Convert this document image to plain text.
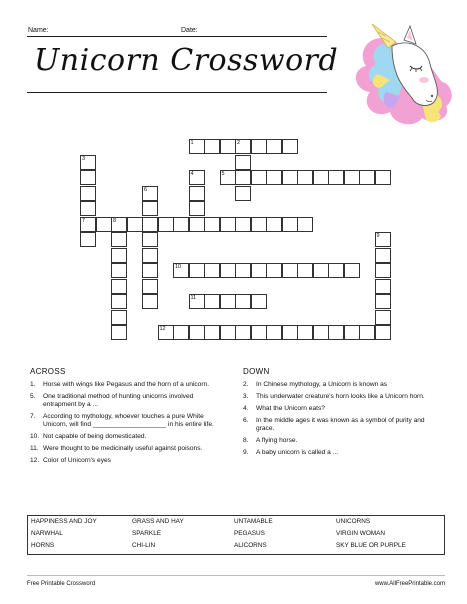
Name:	Date:
Unicorn Crossword
1	2
3
7
4	5
6
8
9
10
11
12
ACROSS
1. Horse with wings like Pegasus and the horn of a unicorn.
5. One traditional method of hunting unicorns involved entrapment by a ...
7. According to mythology, whoever touches a pure White Unicorn, will find ____________________ in his entire life.
10. Not capable of being domesticated.
11. Were thought to be medicinally useful against poisons.
12. Color of Unicorn's eyes
DOWN
2. In Chinese mythology, a Unicorn is known as
3. This underwater creature's horn looks like a Unicorn horn.
4. What the Unicorn eats?
6. In the middle ages it was known as a symbol of purity and grace.
8. A flying horse.
9. A baby unicorn is called a ...
HAPPINESS AND JOY	GRASS AND HAY	UNTAMABLE	UNICORNS
NARWHAL	SPARKLE	PEGASUS	VIRGIN WOMAN
HORNS	CHI-LIN	ALICORNS	SKY BLUE OR PURPLE
Free Printable Crossword	www.AllFreePrintable.com
